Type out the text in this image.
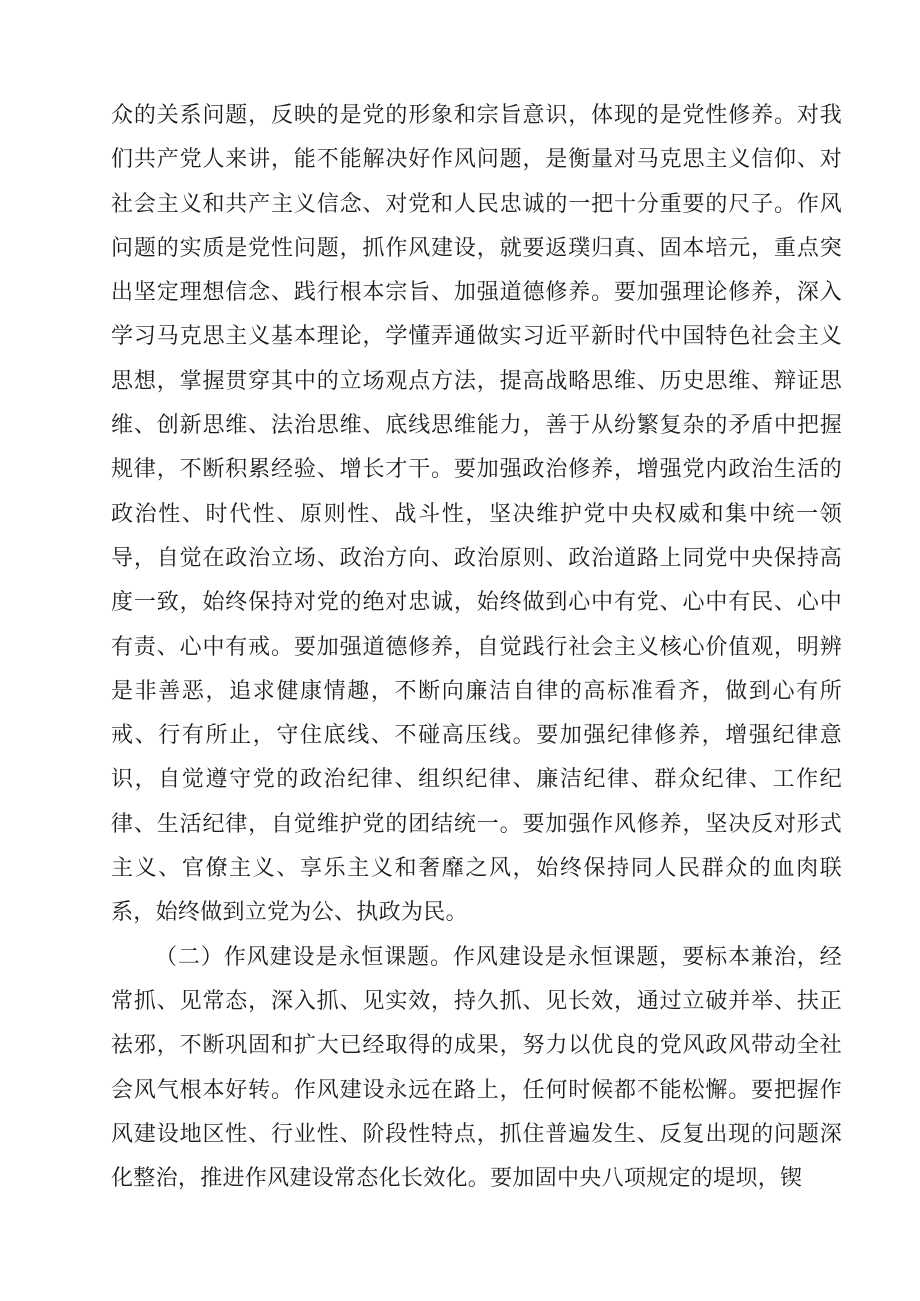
众的关系问题，反映的是党的形象和宗旨意识，体现的是党性修养。对我们共产党人来讲，能不能解决好作风问题，是衡量对马克思主义信仰、对社会主义和共产主义信念、对党和人民忠诚的一把十分重要的尺子。作风问题的实质是党性问题，抓作风建设，就要返璞归真、固本培元，重点突出坚定理想信念、践行根本宗旨、加强道德修养。要加强理论修养，深入学习马克思主义基本理论，学懂弄通做实习近平新时代中国特色社会主义思想，掌握贯穿其中的立场观点方法，提高战略思维、历史思维、辩证思维、创新思维、法治思维、底线思维能力，善于从纷繁复杂的矛盾中把握规律，不断积累经验、增长才干。要加强政治修养，增强党内政治生活的政治性、时代性、原则性、战斗性，坚决维护党中央权威和集中统一领导，自觉在政治立场、政治方向、政治原则、政治道路上同党中央保持高度一致，始终保持对党的绝对忠诚，始终做到心中有党、心中有民、心中有责、心中有戒。要加强道德修养，自觉践行社会主义核心价值观，明辨是非善恶，追求健康情趣，不断向廉洁自律的高标准看齐，做到心有所戒、行有所止，守住底线、不碰高压线。要加强纪律修养，增强纪律意识，自觉遵守党的政治纪律、组织纪律、廉洁纪律、群众纪律、工作纪律、生活纪律，自觉维护党的团结统一。要加强作风修养，坚决反对形式主义、官僚主义、享乐主义和奢靡之风，始终保持同人民群众的血肉联系，始终做到立党为公、执政为民。

（二）作风建设是永恒课题。作风建设是永恒课题，要标本兼治，经常抓、见常态，深入抓、见实效，持久抓、见长效，通过立破并举、扶正祛邪，不断巩固和扩大已经取得的成果，努力以优良的党风政风带动全社会风气根本好转。作风建设永远在路上，任何时候都不能松懈。要把握作风建设地区性、行业性、阶段性特点，抓住普遍发生、反复出现的问题深化整治，推进作风建设常态化长效化。要加固中央八项规定的堤坝，锲
